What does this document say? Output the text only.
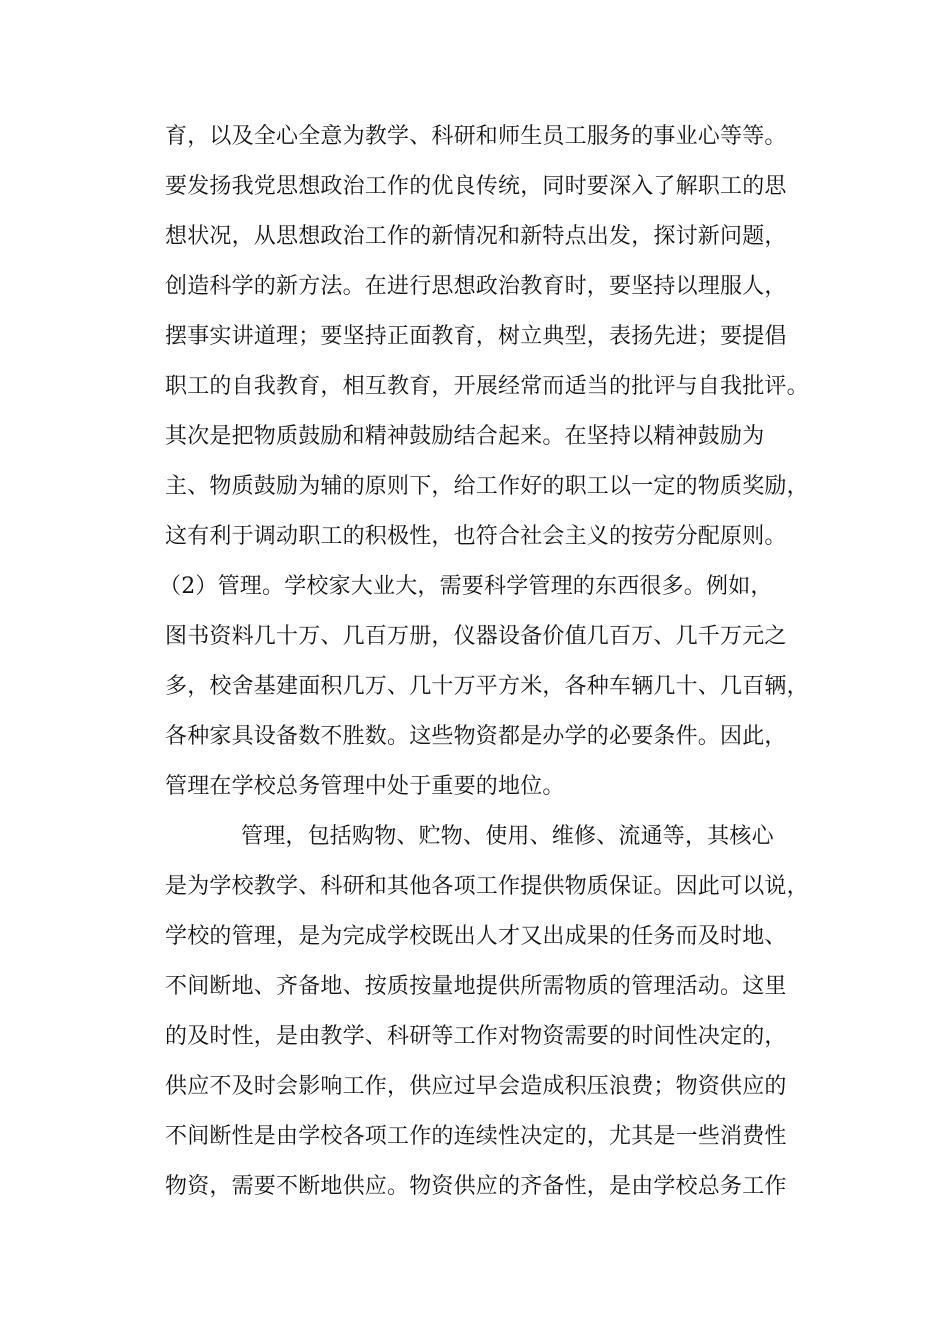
育，以及全心全意为教学、科研和师生员工服务的事业心等等。
要发扬我党思想政治工作的优良传统，同时要深入了解职工的思
想状况，从思想政治工作的新情况和新特点出发，探讨新问题，
创造科学的新方法。在进行思想政治教育时，要坚持以理服人，
摆事实讲道理；要坚持正面教育，树立典型，表扬先进；要提倡
职工的自我教育，相互教育，开展经常而适当的批评与自我批评。
其次是把物质鼓励和精神鼓励结合起来。在坚持以精神鼓励为
主、物质鼓励为辅的原则下，给工作好的职工以一定的物质奖励，
这有利于调动职工的积极性，也符合社会主义的按劳分配原则。
（2）管理。学校家大业大，需要科学管理的东西很多。例如，
图书资料几十万、几百万册，仪器设备价值几百万、几千万元之
多，校舍基建面积几万、几十万平方米，各种车辆几十、几百辆，
各种家具设备数不胜数。这些物资都是办学的必要条件。因此，
管理在学校总务管理中处于重要的地位。
管理，包括购物、贮物、使用、维修、流通等，其核心
是为学校教学、科研和其他各项工作提供物质保证。因此可以说，
学校的管理，是为完成学校既出人才又出成果的任务而及时地、
不间断地、齐备地、按质按量地提供所需物质的管理活动。这里
的及时性，是由教学、科研等工作对物资需要的时间性决定的，
供应不及时会影响工作，供应过早会造成积压浪费；物资供应的
不间断性是由学校各项工作的连续性决定的，尤其是一些消费性
物资，需要不断地供应。物资供应的齐备性，是由学校总务工作
